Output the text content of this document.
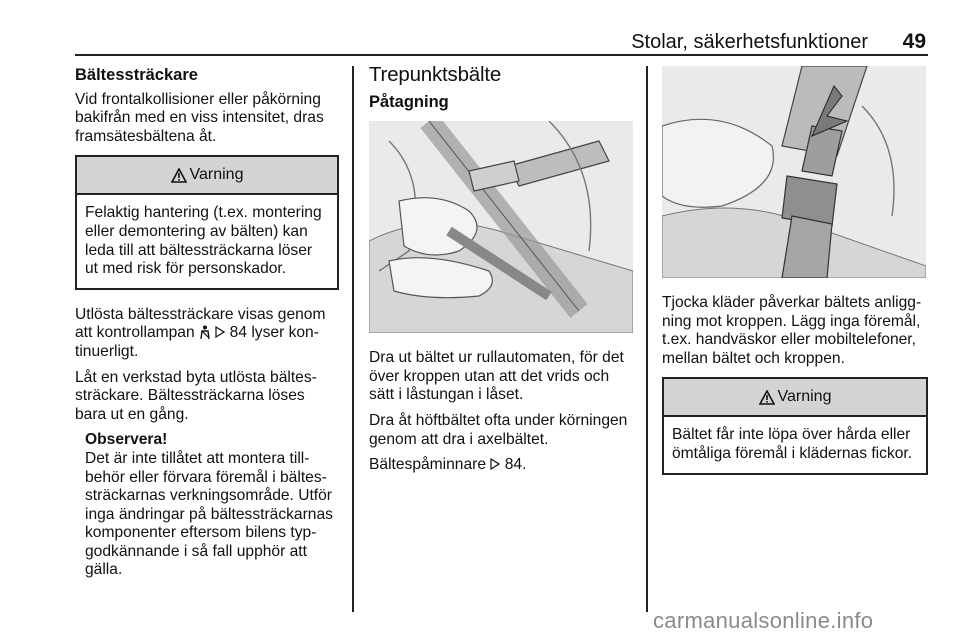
Stolar, säkerhetsfunktioner 49
Bältessträckare

Vid frontalkollisioner eller påkörning bakifrån med en viss intensitet, dras framsätesbältena åt.

Varning
Felaktig hantering (t.ex. montering eller demontering av bälten) kan leda till att bältessträckarna löser ut med risk för personskador.

Utlösta bältessträckare visas genom att kontrollampan
84 lyser kon-tinuerligt.

Låt en verkstad byta utlösta bältes-sträckare. Bältessträckarna löses bara ut en gång.

Observera!
Det är inte tillåtet att montera till-behör eller förvara föremål i bältes-sträckarnas verkningsområde. Utför inga ändringar på bältessträckarnas komponenter eftersom bilens typ-godkännande i så fall upphör att gälla.
Trepunktsbälte
Påtagning

Dra ut bältet ur rullautomaten, för det över kroppen utan att det vrids och sätt i låstungan i låset.

Dra åt höftbältet ofta under körningen genom att dra i axelbältet.

Bältespåminnare 84.

Tjocka kläder påverkar bältets anligg-ning mot kroppen. Lägg inga föremål, t.ex. handväskor eller mobiltelefoner, mellan bältet och kroppen.

Varning
Bältet får inte löpa över hårda eller ömtåliga föremål i klädernas fickor.
carmanualsonline.info
